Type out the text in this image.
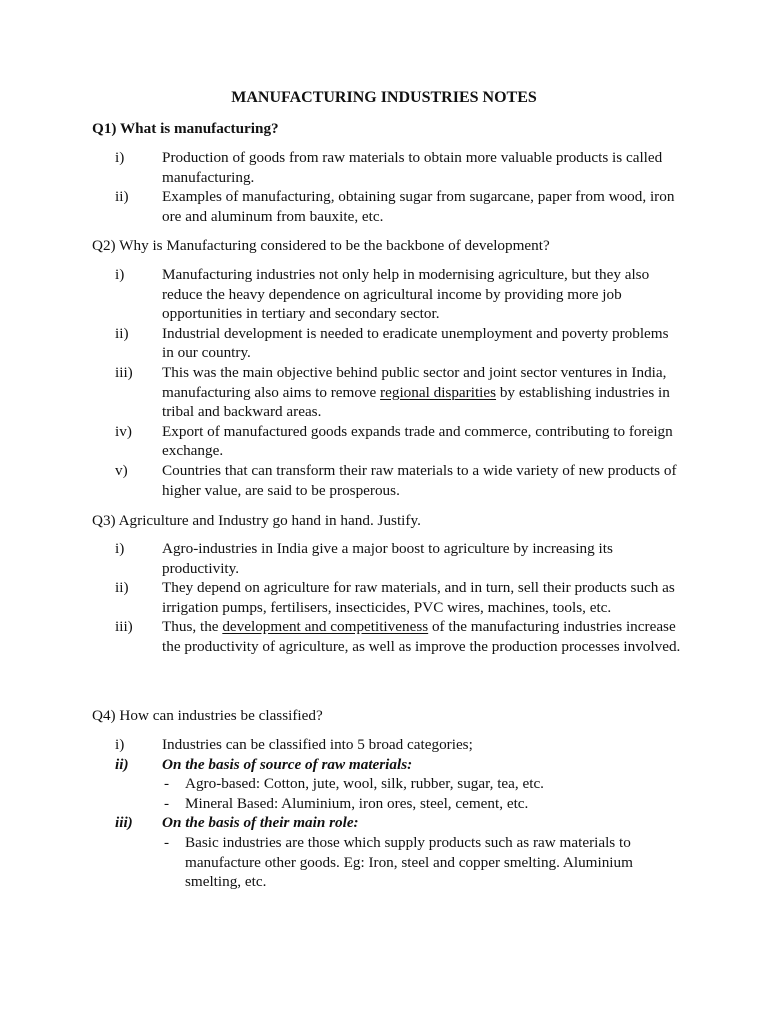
MANUFACTURING INDUSTRIES NOTES
Q1) What is manufacturing?
i) Production of goods from raw materials to obtain more valuable products is called manufacturing.
ii) Examples of manufacturing, obtaining sugar from sugarcane, paper from wood, iron ore and aluminum from bauxite, etc.
Q2) Why is Manufacturing considered to be the backbone of development?
i) Manufacturing industries not only help in modernising agriculture, but they also reduce the heavy dependence on agricultural income by providing more job opportunities in tertiary and secondary sector.
ii) Industrial development is needed to eradicate unemployment and poverty problems in our country.
iii) This was the main objective behind public sector and joint sector ventures in India, manufacturing also aims to remove regional disparities by establishing industries in tribal and backward areas.
iv) Export of manufactured goods expands trade and commerce, contributing to foreign exchange.
v) Countries that can transform their raw materials to a wide variety of new products of higher value, are said to be prosperous.
Q3) Agriculture and Industry go hand in hand. Justify.
i) Agro-industries in India give a major boost to agriculture by increasing its productivity.
ii) They depend on agriculture for raw materials, and in turn, sell their products such as irrigation pumps, fertilisers, insecticides, PVC wires, machines, tools, etc.
iii) Thus, the development and competitiveness of the manufacturing industries increase the productivity of agriculture, as well as improve the production processes involved.
Q4) How can industries be classified?
i) Industries can be classified into 5 broad categories;
ii) On the basis of source of raw materials:
- Agro-based: Cotton, jute, wool, silk, rubber, sugar, tea, etc.
- Mineral Based: Aluminium, iron ores, steel, cement, etc.
iii) On the basis of their main role:
- Basic industries are those which supply products such as raw materials to manufacture other goods. Eg: Iron, steel and copper smelting. Aluminium smelting, etc.
